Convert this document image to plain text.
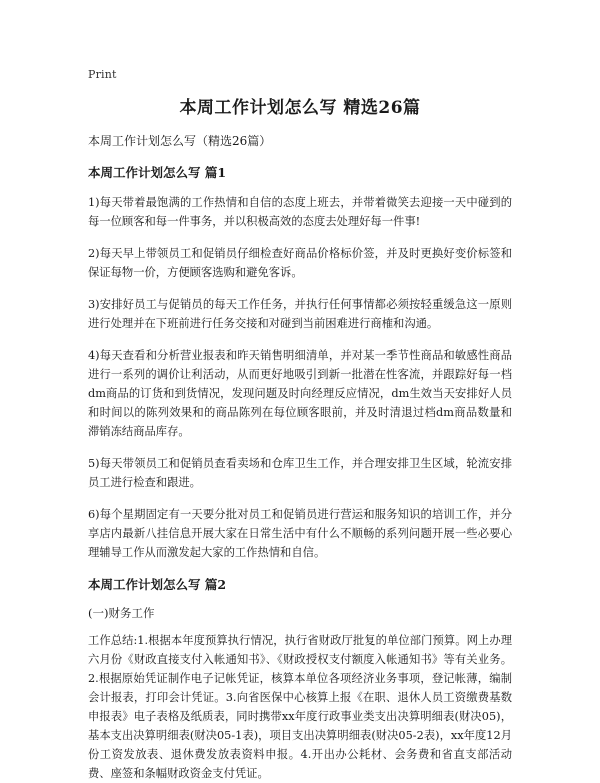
Print
本周工作计划怎么写 精选26篇
本周工作计划怎么写（精选26篇）
本周工作计划怎么写 篇1

1)每天带着最饱满的工作热情和自信的态度上班去，并带着微笑去迎接一天中碰到的每一位顾客和每一件事务，并以积极高效的态度去处理好每一件事!

2)每天早上带领员工和促销员仔细检查好商品价格标价签，并及时更换好变价标签和保证每物一价，方便顾客选购和避免客诉。

3)安排好员工与促销员的每天工作任务，并执行任何事情都必须按轻重缓急这一原则进行处理并在下班前进行任务交接和对碰到当前困难进行商榷和沟通。

4)每天查看和分析营业报表和昨天销售明细清单，并对某一季节性商品和敏感性商品进行一系列的调价让利活动，从而更好地吸引到新一批潜在性客流，并跟踪好每一档dm商品的订货和到货情况，发现问题及时向经理反应情况，dm生效当天安排好人员和时间以的陈列效果和的商品陈列在每位顾客眼前，并及时清退过档dm商品数量和滞销冻结商品库存。

5)每天带领员工和促销员查看卖场和仓库卫生工作，并合理安排卫生区域，轮流安排员工进行检查和跟进。

6)每个星期固定有一天要分批对员工和促销员进行营运和服务知识的培训工作，并分享店内最新八挂信息开展大家在日常生活中有什么不顺畅的系列问题开展一些必要心理辅导工作从而激发起大家的工作热情和自信。

本周工作计划怎么写 篇2
(一)财务工作

工作总结:1.根据本年度预算执行情况，执行省财政厅批复的单位部门预算。网上办理六月份《财政直接支付入帐通知书》、《财政授权支付额度入帐通知书》等有关业务。2.根据原始凭证制作电子记帐凭证，核算本单位各项经济业务事项，登记帐薄，编制会计报表，打印会计凭证。3.向省医保中心核算上报《在职、退休人员工资缴费基数申报表》电子表格及纸质表，同时携带xx年度行政事业类支出决算明细表(财决05)，基本支出决算明细表(财决05-1表)，项目支出决算明细表(财决05-2表)，xx年度12月份工资发放表、退休费发放表资料申报。4.开出办公耗材、会务费和省直支部活动费、座签和条幅财政资金支付凭证。
